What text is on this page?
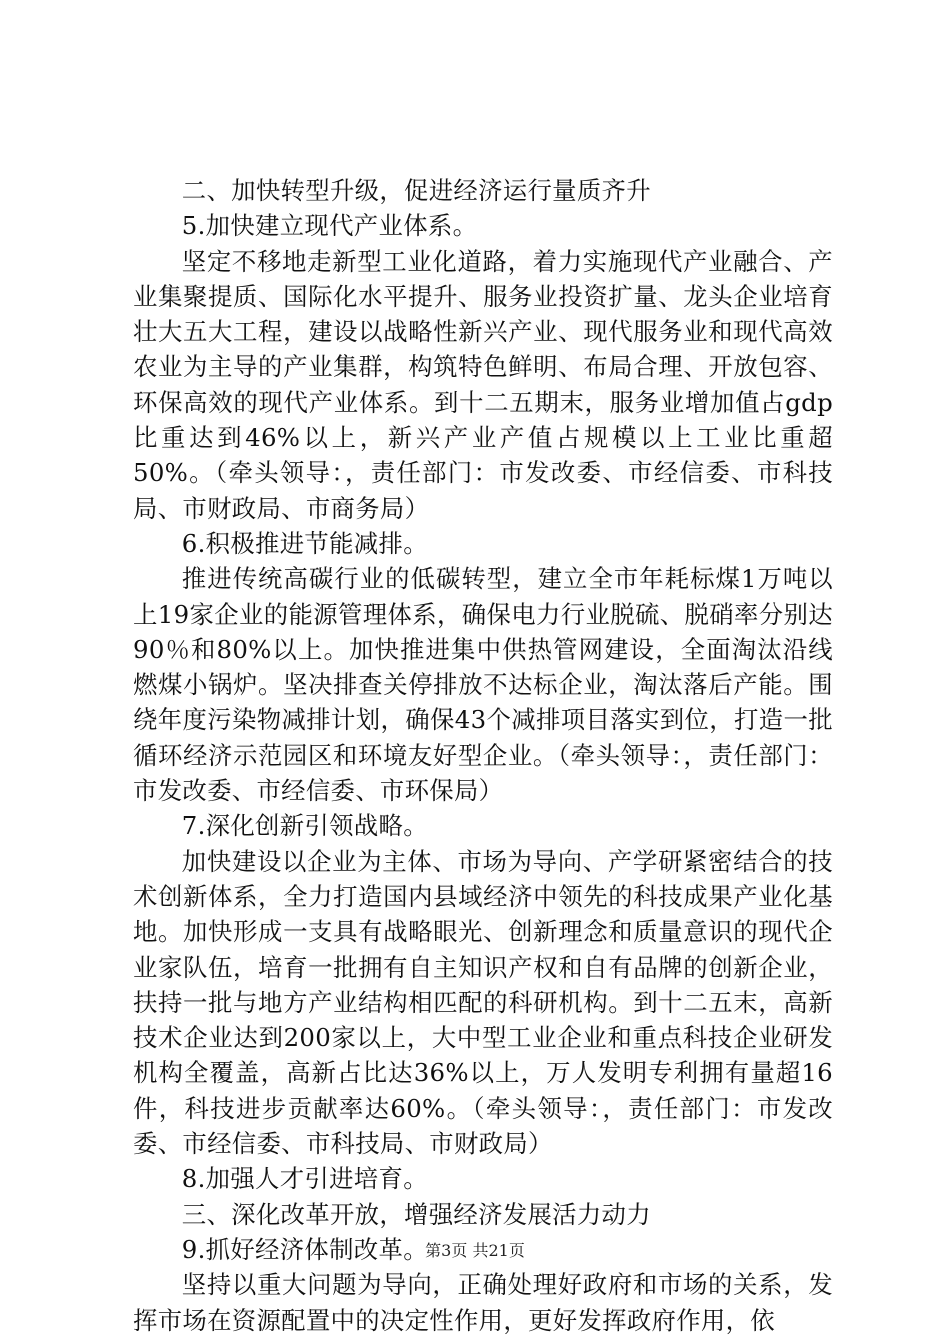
二、加快转型升级，促进经济运行量质齐升

5.加快建立现代产业体系。

坚定不移地走新型工业化道路，着力实施现代产业融合、产业集聚提质、国际化水平提升、服务业投资扩量、龙头企业培育壮大五大工程，建设以战略性新兴产业、现代服务业和现代高效农业为主导的产业集群，构筑特色鲜明、布局合理、开放包容、环保高效的现代产业体系。到十二五期末，服务业增加值占gdp比重达到46%以上，新兴产业产值占规模以上工业比重超50%。（牵头领导：，责任部门：市发改委、市经信委、市科技局、市财政局、市商务局）

6.积极推进节能减排。

推进传统高碳行业的低碳转型，建立全市年耗标煤1万吨以上19家企业的能源管理体系，确保电力行业脱硫、脱硝率分别达90％和80%以上。加快推进集中供热管网建设，全面淘汰沿线燃煤小锅炉。坚决排查关停排放不达标企业，淘汰落后产能。围绕年度污染物减排计划，确保43个减排项目落实到位，打造一批循环经济示范园区和环境友好型企业。（牵头领导：，责任部门：市发改委、市经信委、市环保局）

7.深化创新引领战略。

加快建设以企业为主体、市场为导向、产学研紧密结合的技术创新体系，全力打造国内县域经济中领先的科技成果产业化基地。加快形成一支具有战略眼光、创新理念和质量意识的现代企业家队伍，培育一批拥有自主知识产权和自有品牌的创新企业，扶持一批与地方产业结构相匹配的科研机构。到十二五末，高新技术企业达到200家以上，大中型工业企业和重点科技企业研发机构全覆盖，高新占比达36%以上，万人发明专利拥有量超16件，科技进步贡献率达60%。（牵头领导：，责任部门：市发改委、市经信委、市科技局、市财政局）

8.加强人才引进培育。

三、深化改革开放，增强经济发展活力动力

9.抓好经济体制改革。

坚持以重大问题为导向，正确处理好政府和市场的关系，发挥市场在资源配置中的决定性作用，更好发挥政府作用，依

第3页 共21页
